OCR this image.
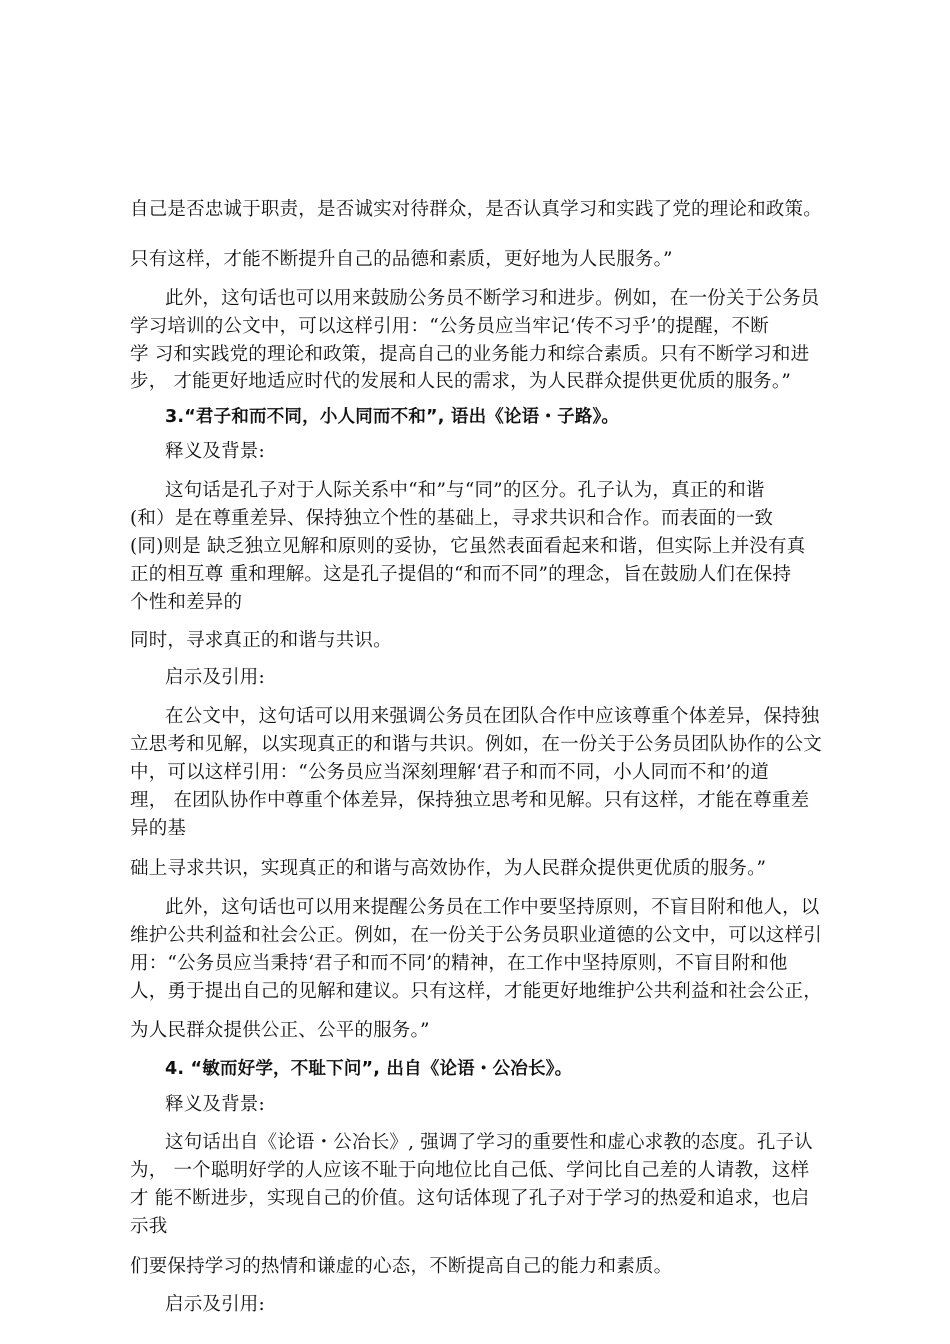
自己是否忠诚于职责，是否诚实对待群众，是否认真学习和实践了党的理论和政策。

只有这样，才能不断提升自己的品德和素质，更好地为人民服务。”

此外，这句话也可以用来鼓励公务员不断学习和进步。例如，在一份关于公务员

学习培训的公文中，可以这样引用：“公务员应当牢记‘传不习乎’的提醒，不断

学 习和实践党的理论和政策，提高自己的业务能力和综合素质。只有不断学习和进

步， 才能更好地适应时代的发展和人民的需求，为人民群众提供更优质的服务。”

3.“君子和而不同，小人同而不和”, 语出《论语・子路》。

释义及背景:

这句话是孔子对于人际关系中“和”与“同”的区分。孔子认为，真正的和谐

(和）是在尊重差异、保持独立个性的基础上，寻求共识和合作。而表面的一致

(同)则是 缺乏独立见解和原则的妥协，它虽然表面看起来和谐，但实际上并没有真

正的相互尊 重和理解。这是孔子提倡的“和而不同”的理念，旨在鼓励人们在保持

个性和差异的

同时，寻求真正的和谐与共识。

启示及引用:

在公文中，这句话可以用来强调公务员在团队合作中应该尊重个体差异，保持独

立思考和见解，以实现真正的和谐与共识。例如，在一份关于公务员团队协作的公文

中，可以这样引用：“公务员应当深刻理解‘君子和而不同，小人同而不和’的道

理， 在团队协作中尊重个体差异，保持独立思考和见解。只有这样，才能在尊重差

异的基

础上寻求共识，实现真正的和谐与高效协作，为人民群众提供更优质的服务。”

此外，这句话也可以用来提醒公务员在工作中要坚持原则，不盲目附和他人，以

维护公共利益和社会公正。例如，在一份关于公务员职业道德的公文中，可以这样引

用：“公务员应当秉持‘君子和而不同’的精神，在工作中坚持原则，不盲目附和他

人，勇于提出自己的见解和建议。只有这样，才能更好地维护公共利益和社会公正，

为人民群众提供公正、公平的服务。”

4. “敏而好学，不耻下问”, 出自《论语・公冶长》。

释义及背景:

这句话出自《论语・公冶长》, 强调了学习的重要性和虚心求教的态度。孔子认

为， 一个聪明好学的人应该不耻于向地位比自己低、学问比自己差的人请教，这样

才 能不断进步，实现自己的价值。这句话体现了孔子对于学习的热爱和追求，也启

示我

们要保持学习的热情和谦虚的心态，不断提高自己的能力和素质。

启示及引用:
